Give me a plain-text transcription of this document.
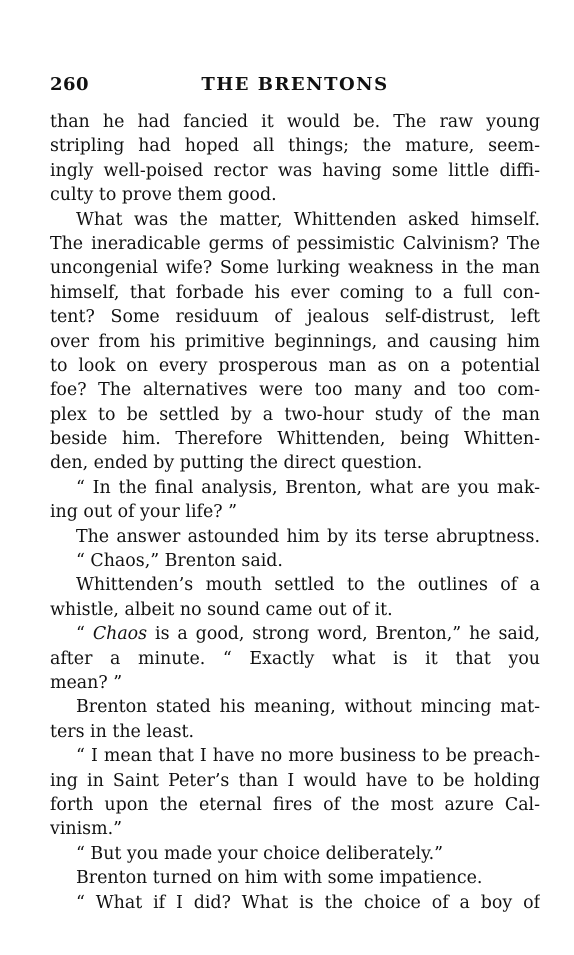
260	THE BRENTONS
than he had fancied it would be. The raw young
stripling had hoped all things; the mature, seem-
ingly well-poised rector was having some little diffi-
culty to prove them good.
What was the matter, Whittenden asked himself.
The ineradicable germs of pessimistic Calvinism? The
uncongenial wife? Some lurking weakness in the man
himself, that forbade his ever coming to a full con-
tent? Some residuum of jealous self-distrust, left
over from his primitive beginnings, and causing him
to look on every prosperous man as on a potential
foe? The alternatives were too many and too com-
plex to be settled by a two-hour study of the man
beside him. Therefore Whittenden, being Whitten-
den, ended by putting the direct question.
“ In the final analysis, Brenton, what are you mak-
ing out of your life? ”
The answer astounded him by its terse abruptness.
“ Chaos,” Brenton said.
Whittenden’s mouth settled to the outlines of a
whistle, albeit no sound came out of it.
“ Chaos is a good, strong word, Brenton,” he said,
after a minute. “ Exactly what is it that you
mean? ”
Brenton stated his meaning, without mincing mat-
ters in the least.
“ I mean that I have no more business to be preach-
ing in Saint Peter’s than I would have to be holding
forth upon the eternal fires of the most azure Cal-
vinism.”
“ But you made your choice deliberately.”
Brenton turned on him with some impatience.
“ What if I did? What is the choice of a boy of
